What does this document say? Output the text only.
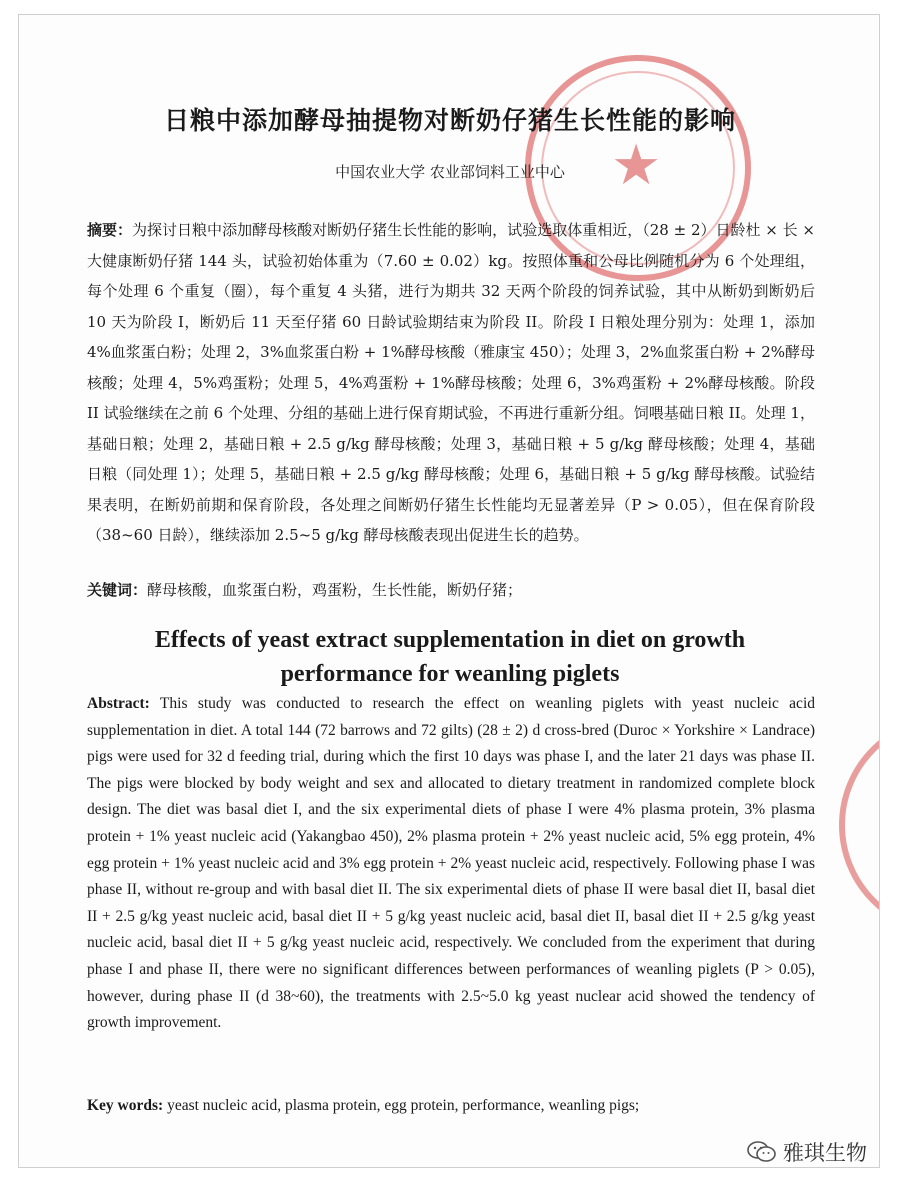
★
日粮中添加酵母抽提物对断奶仔猪生长性能的影响
中国农业大学 农业部饲料工业中心
摘要：为探讨日粮中添加酵母核酸对断奶仔猪生长性能的影响，试验选取体重相近，（28 ± 2）日龄杜 × 长 × 大健康断奶仔猪 144 头，试验初始体重为（7.60 ± 0.02）kg。按照体重和公母比例随机分为 6 个处理组，每个处理 6 个重复（圈），每个重复 4 头猪，进行为期共 32 天两个阶段的饲养试验，其中从断奶到断奶后 10 天为阶段 I，断奶后 11 天至仔猪 60 日龄试验期结束为阶段 II。阶段 I 日粮处理分别为：处理 1，添加 4%血浆蛋白粉；处理 2，3%血浆蛋白粉 + 1%酵母核酸（雅康宝 450）；处理 3，2%血浆蛋白粉 + 2%酵母核酸；处理 4，5%鸡蛋粉；处理 5，4%鸡蛋粉 + 1%酵母核酸；处理 6，3%鸡蛋粉 + 2%酵母核酸。阶段 II 试验继续在之前 6 个处理、分组的基础上进行保育期试验，不再进行重新分组。饲喂基础日粮 II。处理 1，基础日粮；处理 2，基础日粮 + 2.5 g/kg 酵母核酸；处理 3，基础日粮 + 5 g/kg 酵母核酸；处理 4，基础日粮（同处理 1）；处理 5，基础日粮 + 2.5 g/kg 酵母核酸；处理 6，基础日粮 + 5 g/kg 酵母核酸。试验结果表明，在断奶前期和保育阶段，各处理之间断奶仔猪生长性能均无显著差异（P > 0.05），但在保育阶段（38~60 日龄），继续添加 2.5~5 g/kg 酵母核酸表现出促进生长的趋势。
关键词：酵母核酸，血浆蛋白粉，鸡蛋粉，生长性能，断奶仔猪；
Effects of yeast extract supplementation in diet on growth
performance for weanling piglets
Abstract: This study was conducted to research the effect on weanling piglets with yeast nucleic acid supplementation in diet. A total 144 (72 barrows and 72 gilts) (28 ± 2) d cross-bred (Duroc × Yorkshire × Landrace) pigs were used for 32 d feeding trial, during which the first 10 days was phase I, and the later 21 days was phase II. The pigs were blocked by body weight and sex and allocated to dietary treatment in randomized complete block design. The diet was basal diet I, and the six experimental diets of phase I were 4% plasma protein, 3% plasma protein + 1% yeast nucleic acid (Yakangbao 450), 2% plasma protein + 2% yeast nucleic acid, 5% egg protein, 4% egg protein + 1% yeast nucleic acid and 3% egg protein + 2% yeast nucleic acid, respectively. Following phase I was phase II, without re-group and with basal diet II. The six experimental diets of phase II were basal diet II, basal diet II + 2.5 g/kg yeast nucleic acid, basal diet II + 5 g/kg yeast nucleic acid, basal diet II, basal diet II + 2.5 g/kg yeast nucleic acid, basal diet II + 5 g/kg yeast nucleic acid, respectively. We concluded from the experiment that during phase I and phase II, there were no significant differences between performances of weanling piglets (P > 0.05), however, during phase II (d 38~60), the treatments with 2.5~5.0 kg yeast nuclear acid showed the tendency of growth improvement.
Key words: yeast nucleic acid, plasma protein, egg protein, performance, weanling pigs;
雅琪生物
